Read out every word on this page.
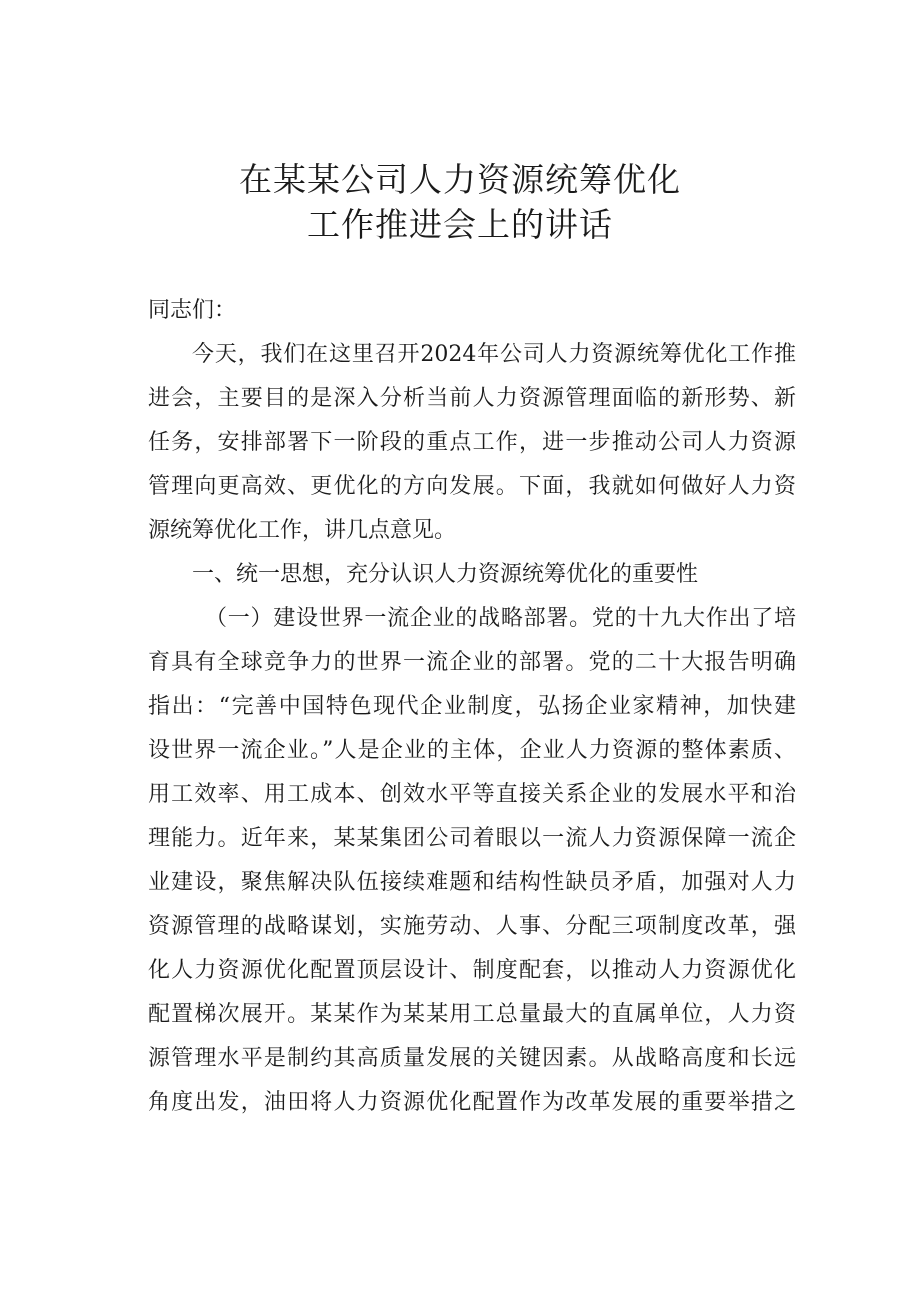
在某某公司人力资源统筹优化
工作推进会上的讲话
同志们：
今天，我们在这里召开2024年公司人力资源统筹优化工作推
进会，主要目的是深入分析当前人力资源管理面临的新形势、新
任务，安排部署下一阶段的重点工作，进一步推动公司人力资源
管理向更高效、更优化的方向发展。下面，我就如何做好人力资
源统筹优化工作，讲几点意见。
一、统一思想，充分认识人力资源统筹优化的重要性
（一）建设世界一流企业的战略部署。党的十九大作出了培
育具有全球竞争力的世界一流企业的部署。党的二十大报告明确
指出：“完善中国特色现代企业制度，弘扬企业家精神，加快建
设世界一流企业。”人是企业的主体，企业人力资源的整体素质、
用工效率、用工成本、创效水平等直接关系企业的发展水平和治
理能力。近年来，某某集团公司着眼以一流人力资源保障一流企
业建设，聚焦解决队伍接续难题和结构性缺员矛盾，加强对人力
资源管理的战略谋划，实施劳动、人事、分配三项制度改革，强
化人力资源优化配置顶层设计、制度配套，以推动人力资源优化
配置梯次展开。某某作为某某用工总量最大的直属单位，人力资
源管理水平是制约其高质量发展的关键因素。从战略高度和长远
角度出发，油田将人力资源优化配置作为改革发展的重要举措之
